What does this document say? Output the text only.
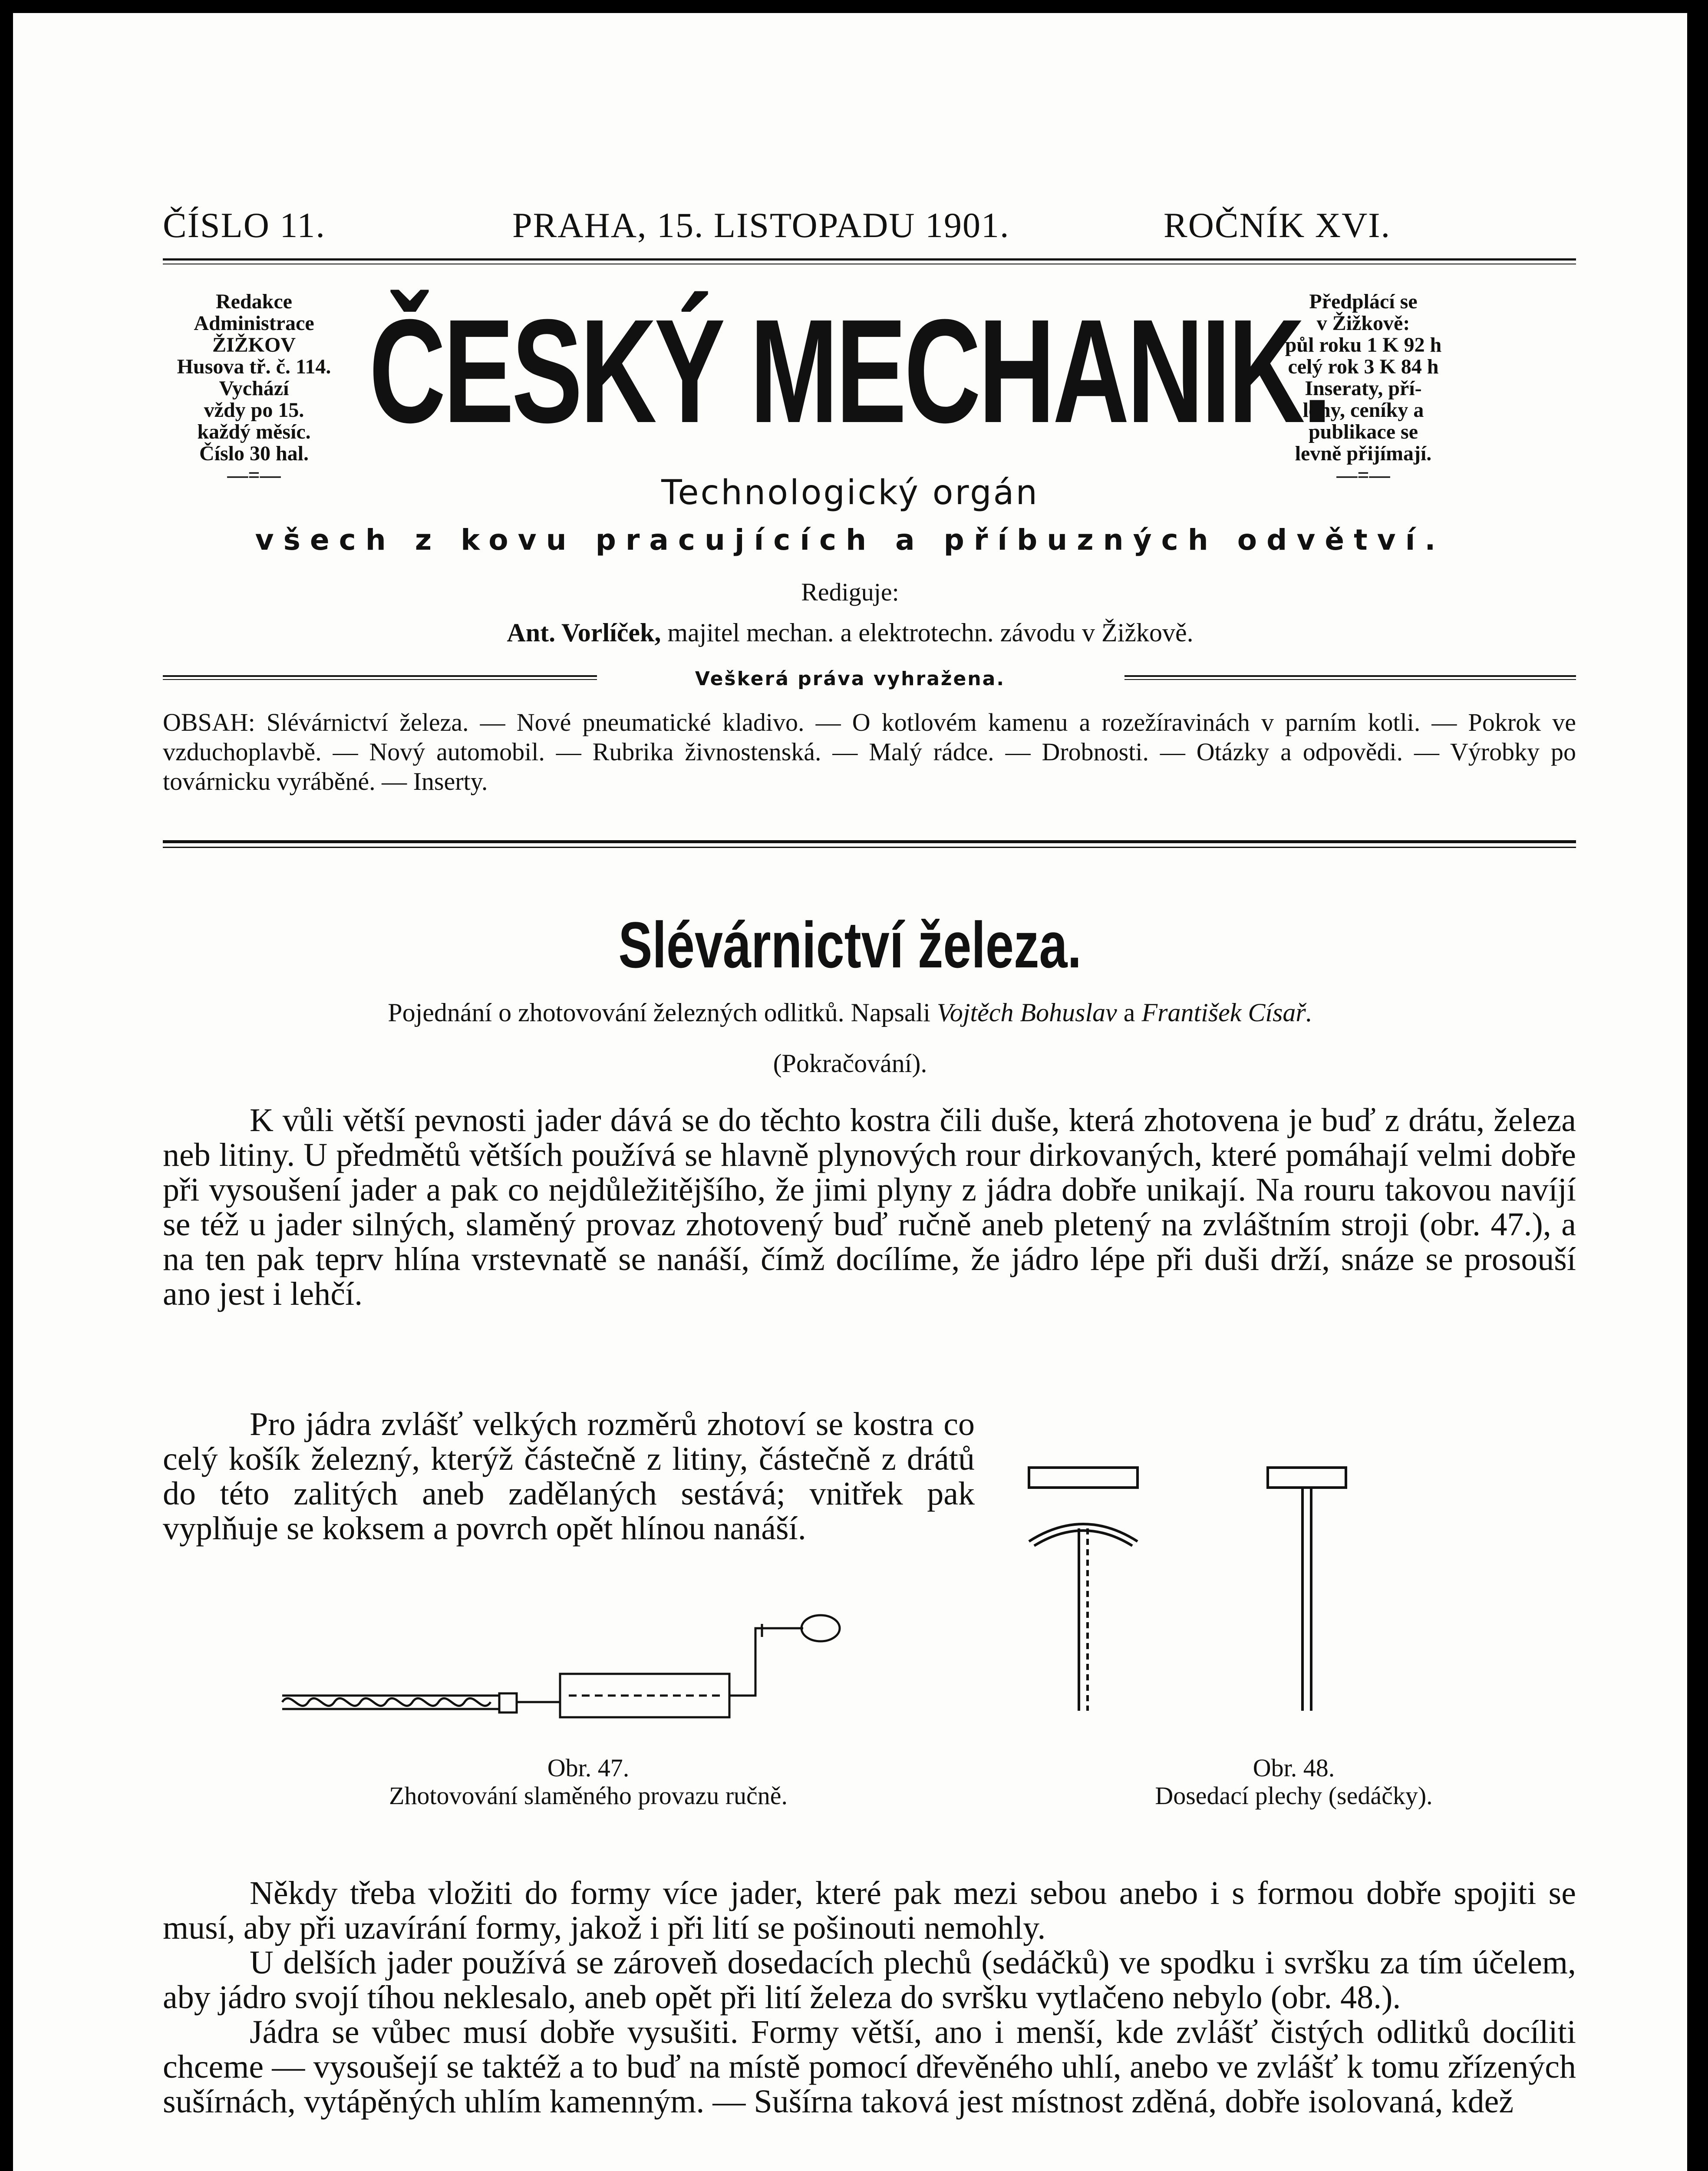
ČÍSLO 11.	PRAHA, 15. LISTOPADU 1901.	ROČNÍK XVI.
Redakce
Administrace
ŽIŽKOV
Husova tř. č. 114.
Vychází
vždy po 15.
každý měsíc.
Číslo 30 hal.
—=—
Předplácí se
v Žižkově:
půl roku 1 K 92 h
celý rok 3 K 84 h
Inseraty, pří-
lohy, ceníky a
publikace se
levně přijímají.
—=—
ČESKÝ MECHANIK.
Technologický orgán
všech z kovu pracujících a příbuzných odvětví.
Rediguje:
Ant. Vorlíček, majitel mechan. a elektrotechn. závodu v Žižkově.
Veškerá práva vyhražena.
OBSAH: Slévárnictví železa. — Nové pneumatické kladivo. — O kotlovém kamenu a rozežíravinách v parním kotli. — Pokrok ve vzduchoplavbě. — Nový automobil. — Rubrika živnostenská. — Malý rádce. — Drobnosti. — Otázky a odpovědi. — Výrobky po továrnicku vyráběné. — Inserty.
Slévárnictví železa.
Pojednání o zhotovování železných odlitků. Napsali Vojtěch Bohuslav a František Císař.
(Pokračování).

K vůli větší pevnosti jader dává se do těchto kostra čili duše, která zhotovena je buď z drátu, železa neb litiny. U předmětů větších používá se hlavně plynových rour dirkovaných, které pomáhají velmi dobře při vysoušení jader a pak co nejdůležitějšího, že jimi plyny z jádra dobře unikají. Na rouru takovou navíjí se též u jader silných, slaměný provaz zhotovený buď ručně aneb pletený na zvláštním stroji (obr. 47.), a na ten pak teprv hlína vrstevnatě se nanáší, čímž docílíme, že jádro lépe při duši drží, snáze se prosouší ano jest i lehčí.

Pro jádra zvlášť velkých rozměrů zhotoví se kostra co celý košík železný, kterýž částečně z litiny, částečně z drátů do této zalitých aneb zadělaných sestává; vnitřek pak vyplňuje se koksem a povrch opět hlínou nanáší.

Obr. 47.
Zhotovování slaměného provazu ručně.
Obr. 48.
Dosedací plechy (sedáčky).

Někdy třeba vložiti do formy více jader, které pak mezi sebou anebo i s formou dobře spojiti se musí, aby při uzavírání formy, jakož i při lití se pošinouti nemohly.

U delších jader používá se zároveň dosedacích plechů (sedáčků) ve spodku i svršku za tím účelem, aby jádro svojí tíhou neklesalo, aneb opět při lití železa do svršku vytlačeno nebylo (obr. 48.).

Jádra se vůbec musí dobře vysušiti. Formy větší, ano i menší, kde zvlášť čistých odlitků docíliti chceme — vysoušejí se taktéž a to buď na místě pomocí dřevěného uhlí, anebo ve zvlášť k tomu zřízených sušírnách, vytápěných uhlím kamenným. — Sušírna taková jest místnost zděná, dobře isolovaná, kdež
